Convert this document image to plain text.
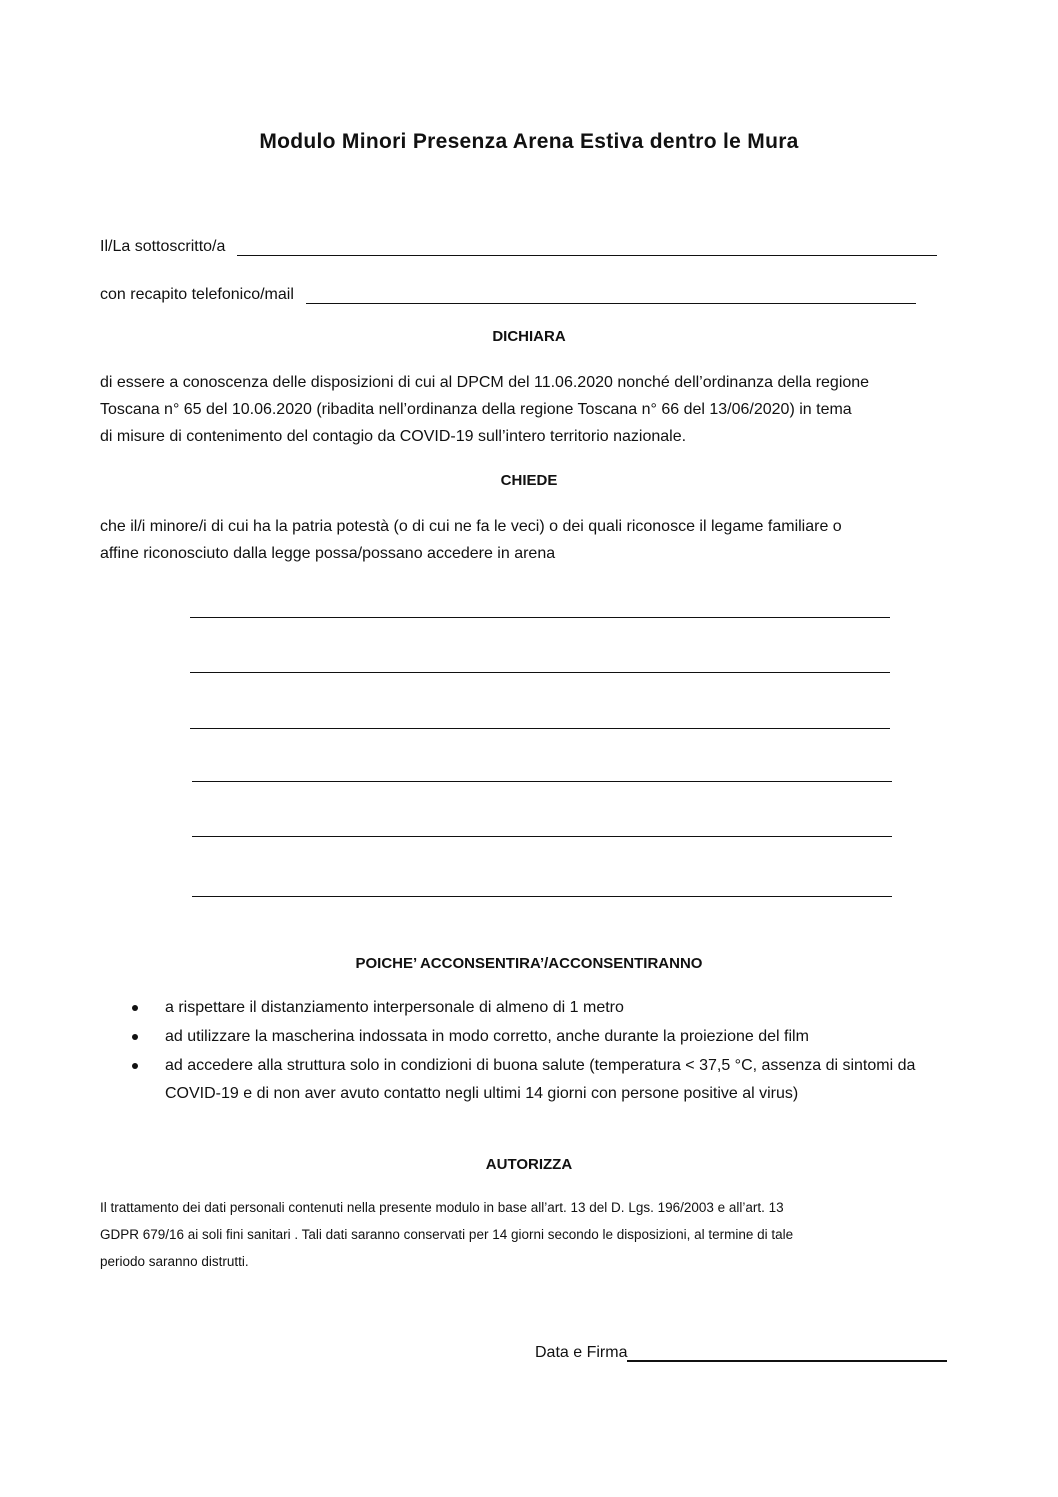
Modulo Minori Presenza Arena Estiva dentro le Mura
Il/La sottoscritto/a
con recapito telefonico/mail
DICHIARA
di essere a conoscenza delle disposizioni di cui al DPCM del 11.06.2020 nonché dell’ordinanza della regione
Toscana n° 65 del 10.06.2020 (ribadita nell’ordinanza della regione Toscana n° 66 del 13/06/2020) in tema
di misure di contenimento del contagio da COVID-19 sull’intero territorio nazionale.
CHIEDE
che il/i minore/i di cui ha la patria potestà (o di cui ne fa le veci) o dei quali riconosce il legame familiare o
affine riconosciuto dalla legge possa/possano accedere in arena
POICHE’ ACCONSENTIRA’/ACCONSENTIRANNO
a rispettare il distanziamento interpersonale di almeno di 1 metro
ad utilizzare la mascherina indossata in modo corretto, anche durante la proiezione del film
ad accedere alla struttura solo in condizioni di buona salute (temperatura < 37,5 °C, assenza di sintomi da COVID-19 e di non aver avuto contatto negli ultimi 14 giorni con persone positive al virus)
AUTORIZZA
Il trattamento dei dati personali contenuti nella presente modulo in base all’art. 13 del D. Lgs. 196/2003 e all’art. 13
GDPR 679/16 ai soli fini sanitari . Tali dati saranno conservati per 14 giorni secondo le disposizioni, al termine di tale
periodo saranno distrutti.
Data e Firma
